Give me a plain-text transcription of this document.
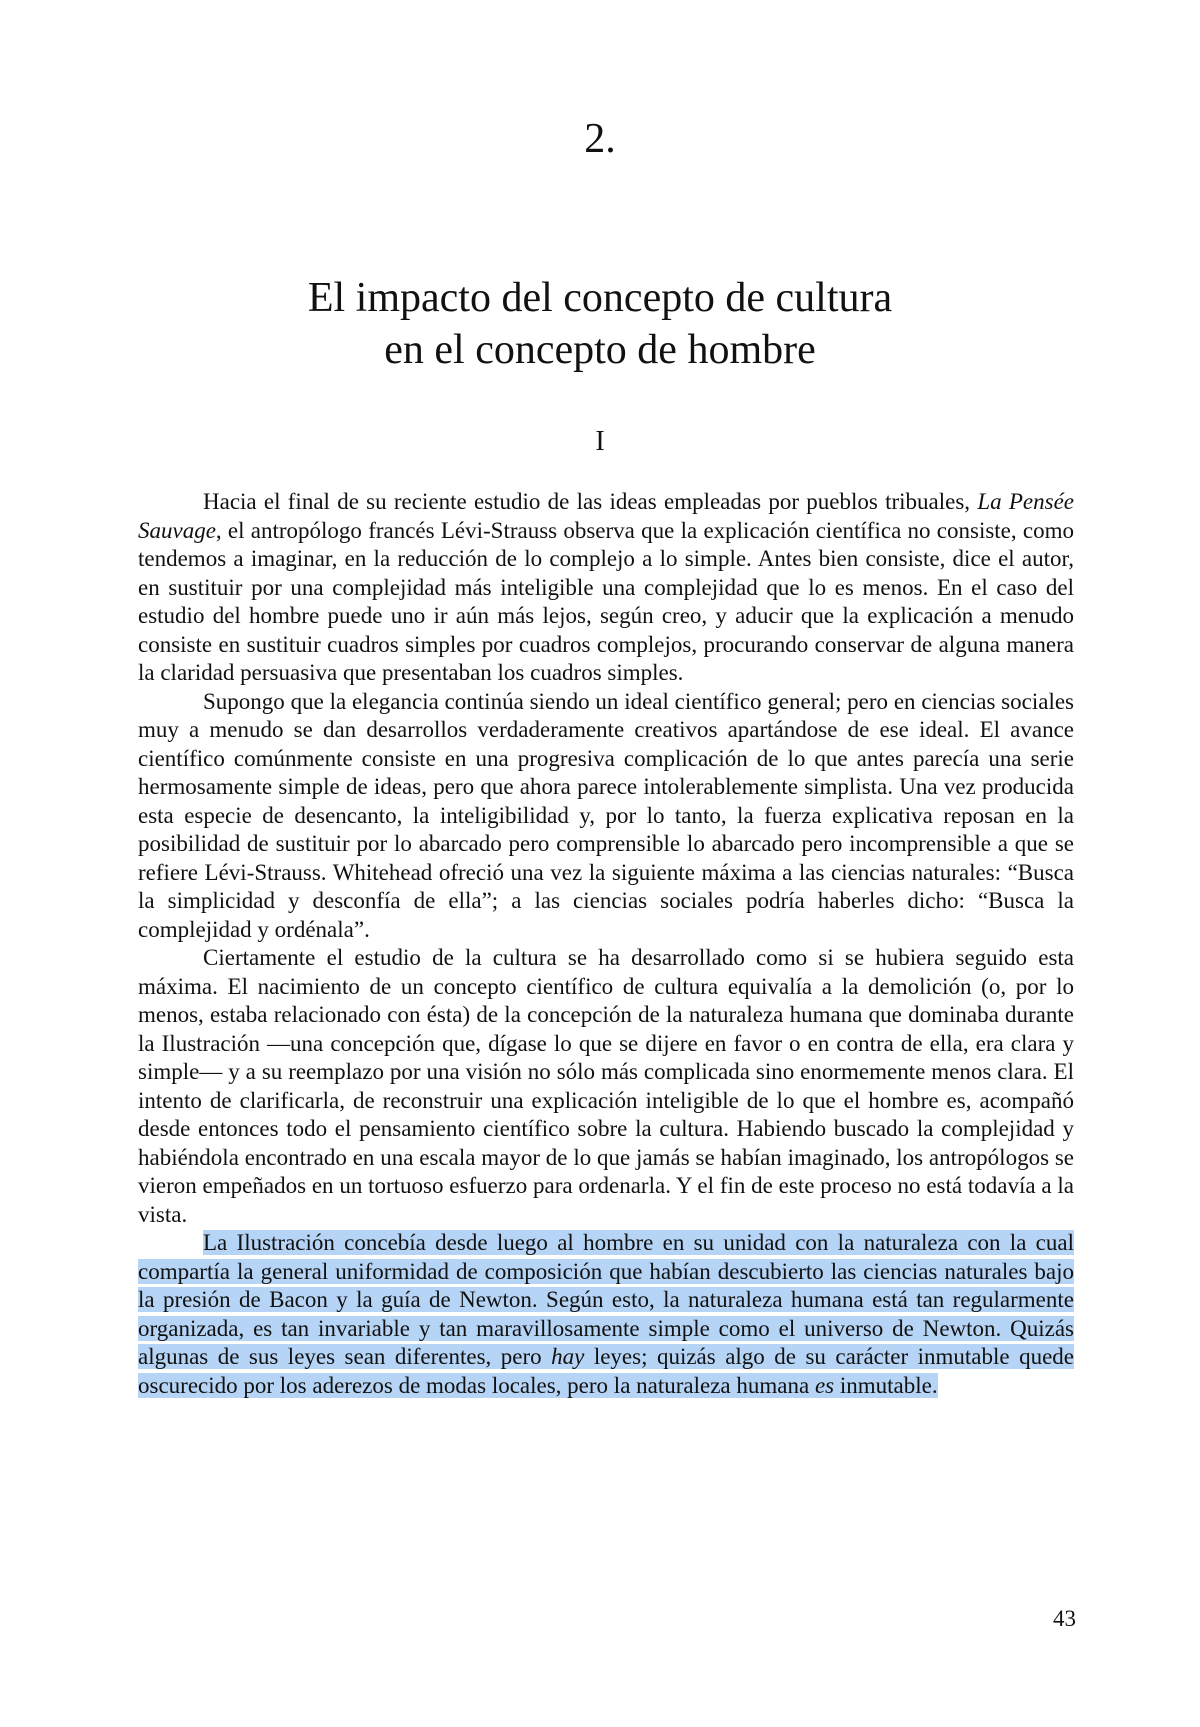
2.
El impacto del concepto de cultura
en el concepto de hombre
I

Hacia el final de su reciente estudio de las ideas empleadas por pueblos tribuales, La Pensée Sauvage, el antropólogo francés Lévi-Strauss observa que la explicación científica no consiste, como tendemos a imaginar, en la reducción de lo complejo a lo simple. Antes bien consiste, dice el autor, en sustituir por una complejidad más inteligible una complejidad que lo es menos. En el caso del estudio del hombre puede uno ir aún más lejos, según creo, y aducir que la explicación a menudo consiste en sustituir cuadros simples por cuadros complejos, procurando conservar de alguna manera la claridad persuasiva que presentaban los cuadros simples.

Supongo que la elegancia continúa siendo un ideal científico general; pero en ciencias sociales muy a menudo se dan desarrollos verdaderamente creativos apartándose de ese ideal. El avance científico comúnmente consiste en una progresiva complicación de lo que antes parecía una serie hermosamente simple de ideas, pero que ahora parece intolerablemente simplista. Una vez producida esta especie de desencanto, la inteligibilidad y, por lo tanto, la fuerza explicativa reposan en la posibilidad de sustituir por lo abarcado pero comprensible lo abarcado pero incomprensible a que se refiere Lévi-Strauss. Whitehead ofreció una vez la siguiente máxima a las ciencias naturales: “Busca la simplicidad y desconfía de ella”; a las ciencias sociales podría haberles dicho: “Busca la complejidad y ordénala”.

Ciertamente el estudio de la cultura se ha desarrollado como si se hubiera seguido esta máxima. El nacimiento de un concepto científico de cultura equivalía a la demolición (o, por lo menos, estaba relacionado con ésta) de la concepción de la naturaleza humana que dominaba durante la Ilustración —una concepción que, dígase lo que se dijere en favor o en contra de ella, era clara y simple— y a su reemplazo por una visión no sólo más complicada sino enormemente menos clara. El intento de clarificarla, de reconstruir una explicación inteligible de lo que el hombre es, acompañó desde entonces todo el pensamiento científico sobre la cultura. Habiendo buscado la complejidad y habiéndola encontrado en una escala mayor de lo que jamás se habían imaginado, los antropólogos se vieron empeñados en un tortuoso esfuerzo para ordenarla. Y el fin de este proceso no está todavía a la vista.

La Ilustración concebía desde luego al hombre en su unidad con la naturaleza con la cual compartía la general uniformidad de composición que habían descubierto las ciencias naturales bajo la presión de Bacon y la guía de Newton. Según esto, la naturaleza humana está tan regularmente organizada, es tan invariable y tan maravillosamente simple como el universo de Newton. Quizás algunas de sus leyes sean diferentes, pero hay leyes; quizás algo de su carácter inmutable quede oscurecido por los aderezos de modas locales, pero la naturaleza humana es inmutable.

43
